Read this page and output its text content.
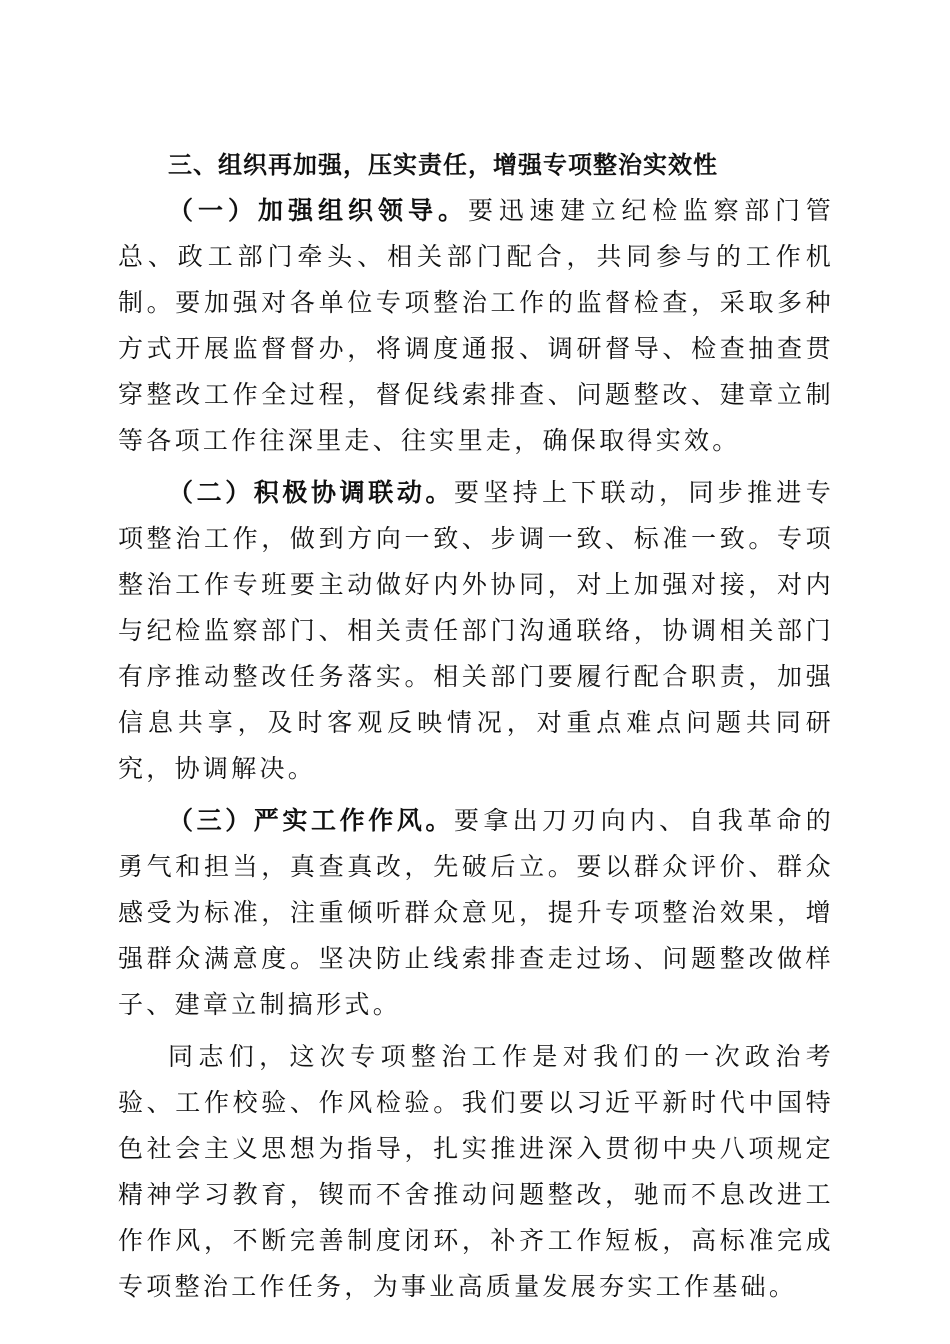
三、组织再加强，压实责任，增强专项整治实效性

（一）加强组织领导。要迅速建立纪检监察部门管总、政工部门牵头、相关部门配合，共同参与的工作机制。要加强对各单位专项整治工作的监督检查，采取多种方式开展监督督办，将调度通报、调研督导、检查抽查贯穿整改工作全过程，督促线索排查、问题整改、建章立制等各项工作往深里走、往实里走，确保取得实效。

（二）积极协调联动。要坚持上下联动，同步推进专项整治工作，做到方向一致、步调一致、标准一致。专项整治工作专班要主动做好内外协同，对上加强对接，对内与纪检监察部门、相关责任部门沟通联络，协调相关部门有序推动整改任务落实。相关部门要履行配合职责，加强信息共享，及时客观反映情况，对重点难点问题共同研究，协调解决。

（三）严实工作作风。要拿出刀刃向内、自我革命的勇气和担当，真查真改，先破后立。要以群众评价、群众感受为标准，注重倾听群众意见，提升专项整治效果，增强群众满意度。坚决防止线索排查走过场、问题整改做样子、建章立制搞形式。

同志们，这次专项整治工作是对我们的一次政治考验、工作校验、作风检验。我们要以习近平新时代中国特色社会主义思想为指导，扎实推进深入贯彻中央八项规定精神学习教育，锲而不舍推动问题整改，驰而不息改进工作作风，不断完善制度闭环，补齐工作短板，高标准完成专项整治工作任务，为事业高质量发展夯实工作基础。
